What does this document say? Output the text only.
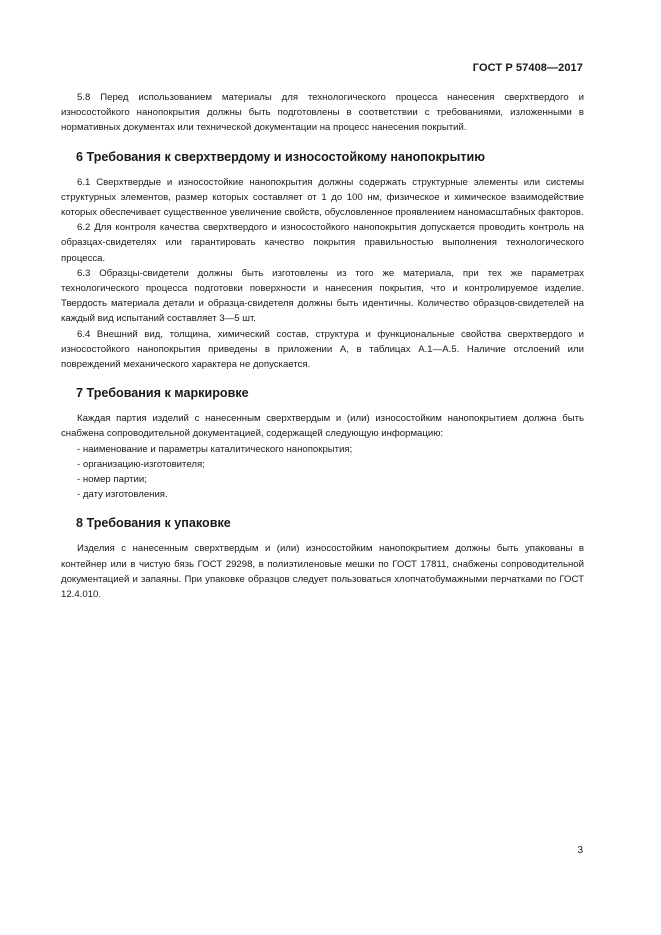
ГОСТ Р 57408—2017

5.8 Перед использованием материалы для технологического процесса нанесения сверхтвердого и износостойкого нанопокрытия должны быть подготовлены в соответствии с требованиями, изложенными в нормативных документах или технической документации на процесс нанесения покрытий.

6 Требования к сверхтвердому и износостойкому нанопокрытию

6.1 Сверхтвердые и износостойкие нанопокрытия должны содержать структурные элементы или системы структурных элементов, размер которых составляет от 1 до 100 нм, физическое и химическое взаимодействие которых обеспечивает существенное увеличение свойств, обусловленное проявлением наномасштабных факторов.

6.2 Для контроля качества сверхтвердого и износостойкого нанопокрытия допускается проводить контроль на образцах-свидетелях или гарантировать качество покрытия правильностью выполнения технологического процесса.

6.3 Образцы-свидетели должны быть изготовлены из того же материала, при тех же параметрах технологического процесса подготовки поверхности и нанесения покрытия, что и контролируемое изделие. Твердость материала детали и образца-свидетеля должны быть идентичны. Количество образцов-свидетелей на каждый вид испытаний составляет 3—5 шт.

6.4 Внешний вид, толщина, химический состав, структура и функциональные свойства сверхтвердого и износостойкого нанопокрытия приведены в приложении А, в таблицах А.1—А.5. Наличие отслоений или повреждений механического характера не допускается.

7 Требования к маркировке

Каждая партия изделий с нанесенным сверхтвердым и (или) износостойким нанопокрытием должна быть снабжена сопроводительной документацией, содержащей следующую информацию:

- наименование и параметры каталитического нанопокрытия;
- организацию-изготовителя;
- номер партии;
- дату изготовления.
8 Требования к упаковке

Изделия с нанесенным сверхтвердым и (или) износостойким нанопокрытием должны быть упакованы в контейнер или в чистую бязь ГОСТ 29298, в полиэтиленовые мешки по ГОСТ 17811, снабжены сопроводительной документацией и запаяны. При упаковке образцов следует пользоваться хлопчатобумажными перчатками по ГОСТ 12.4.010.

3
